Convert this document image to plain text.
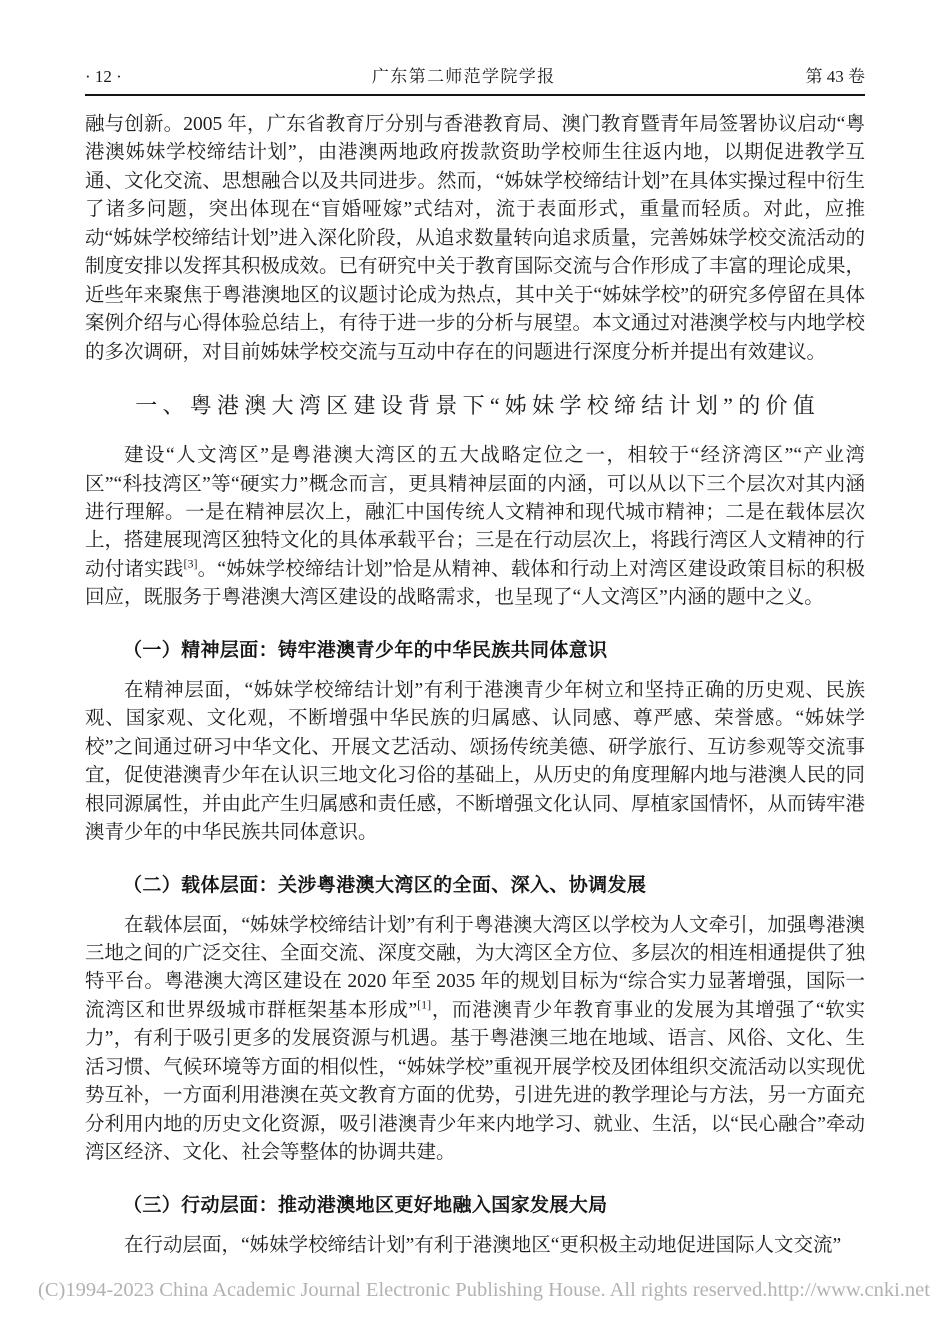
· 12 ·	广东第二师范学院学报	第 43 卷

融与创新。2005 年，广东省教育厅分别与香港教育局、澳门教育暨青年局签署协议启动“粤港澳姊妹学校缔结计划”，由港澳两地政府拨款资助学校师生往返内地，以期促进教学互通、文化交流、思想融合以及共同进步。然而，“姊妹学校缔结计划”在具体实操过程中衍生了诸多问题，突出体现在“盲婚哑嫁”式结对，流于表面形式，重量而轻质。对此，应推动“姊妹学校缔结计划”进入深化阶段，从追求数量转向追求质量，完善姊妹学校交流活动的制度安排以发挥其积极成效。已有研究中关于教育国际交流与合作形成了丰富的理论成果，近些年来聚焦于粤港澳地区的议题讨论成为热点，其中关于“姊妹学校”的研究多停留在具体案例介绍与心得体验总结上，有待于进一步的分析与展望。本文通过对港澳学校与内地学校的多次调研，对目前姊妹学校交流与互动中存在的问题进行深度分析并提出有效建议。

一、粤港澳大湾区建设背景下“姊妹学校缔结计划”的价值

建设“人文湾区”是粤港澳大湾区的五大战略定位之一，相较于“经济湾区”“产业湾区”“科技湾区”等“硬实力”概念而言，更具精神层面的内涵，可以从以下三个层次对其内涵进行理解。一是在精神层次上，融汇中国传统人文精神和现代城市精神；二是在载体层次上，搭建展现湾区独特文化的具体承载平台；三是在行动层次上，将践行湾区人文精神的行动付诸实践[3]。“姊妹学校缔结计划”恰是从精神、载体和行动上对湾区建设政策目标的积极回应，既服务于粤港澳大湾区建设的战略需求，也呈现了“人文湾区”内涵的题中之义。

（一）精神层面：铸牢港澳青少年的中华民族共同体意识

在精神层面，“姊妹学校缔结计划”有利于港澳青少年树立和坚持正确的历史观、民族观、国家观、文化观，不断增强中华民族的归属感、认同感、尊严感、荣誉感。“姊妹学校”之间通过研习中华文化、开展文艺活动、颂扬传统美德、研学旅行、互访参观等交流事宜，促使港澳青少年在认识三地文化习俗的基础上，从历史的角度理解内地与港澳人民的同根同源属性，并由此产生归属感和责任感，不断增强文化认同、厚植家国情怀，从而铸牢港澳青少年的中华民族共同体意识。

（二）载体层面：关涉粤港澳大湾区的全面、深入、协调发展

在载体层面，“姊妹学校缔结计划”有利于粤港澳大湾区以学校为人文牵引，加强粤港澳三地之间的广泛交往、全面交流、深度交融，为大湾区全方位、多层次的相连相通提供了独特平台。粤港澳大湾区建设在 2020 年至 2035 年的规划目标为“综合实力显著增强，国际一流湾区和世界级城市群框架基本形成”[1]，而港澳青少年教育事业的发展为其增强了“软实力”，有利于吸引更多的发展资源与机遇。基于粤港澳三地在地域、语言、风俗、文化、生活习惯、气候环境等方面的相似性，“姊妹学校”重视开展学校及团体组织交流活动以实现优势互补，一方面利用港澳在英文教育方面的优势，引进先进的教学理论与方法，另一方面充分利用内地的历史文化资源，吸引港澳青少年来内地学习、就业、生活，以“民心融合”牵动湾区经济、文化、社会等整体的协调共建。

（三）行动层面：推动港澳地区更好地融入国家发展大局

在行动层面，“姊妹学校缔结计划”有利于港澳地区“更积极主动地促进国际人文交流”

(C)1994-2023 China Academic Journal Electronic Publishing House. All rights reserved. http://www.cnki.net
